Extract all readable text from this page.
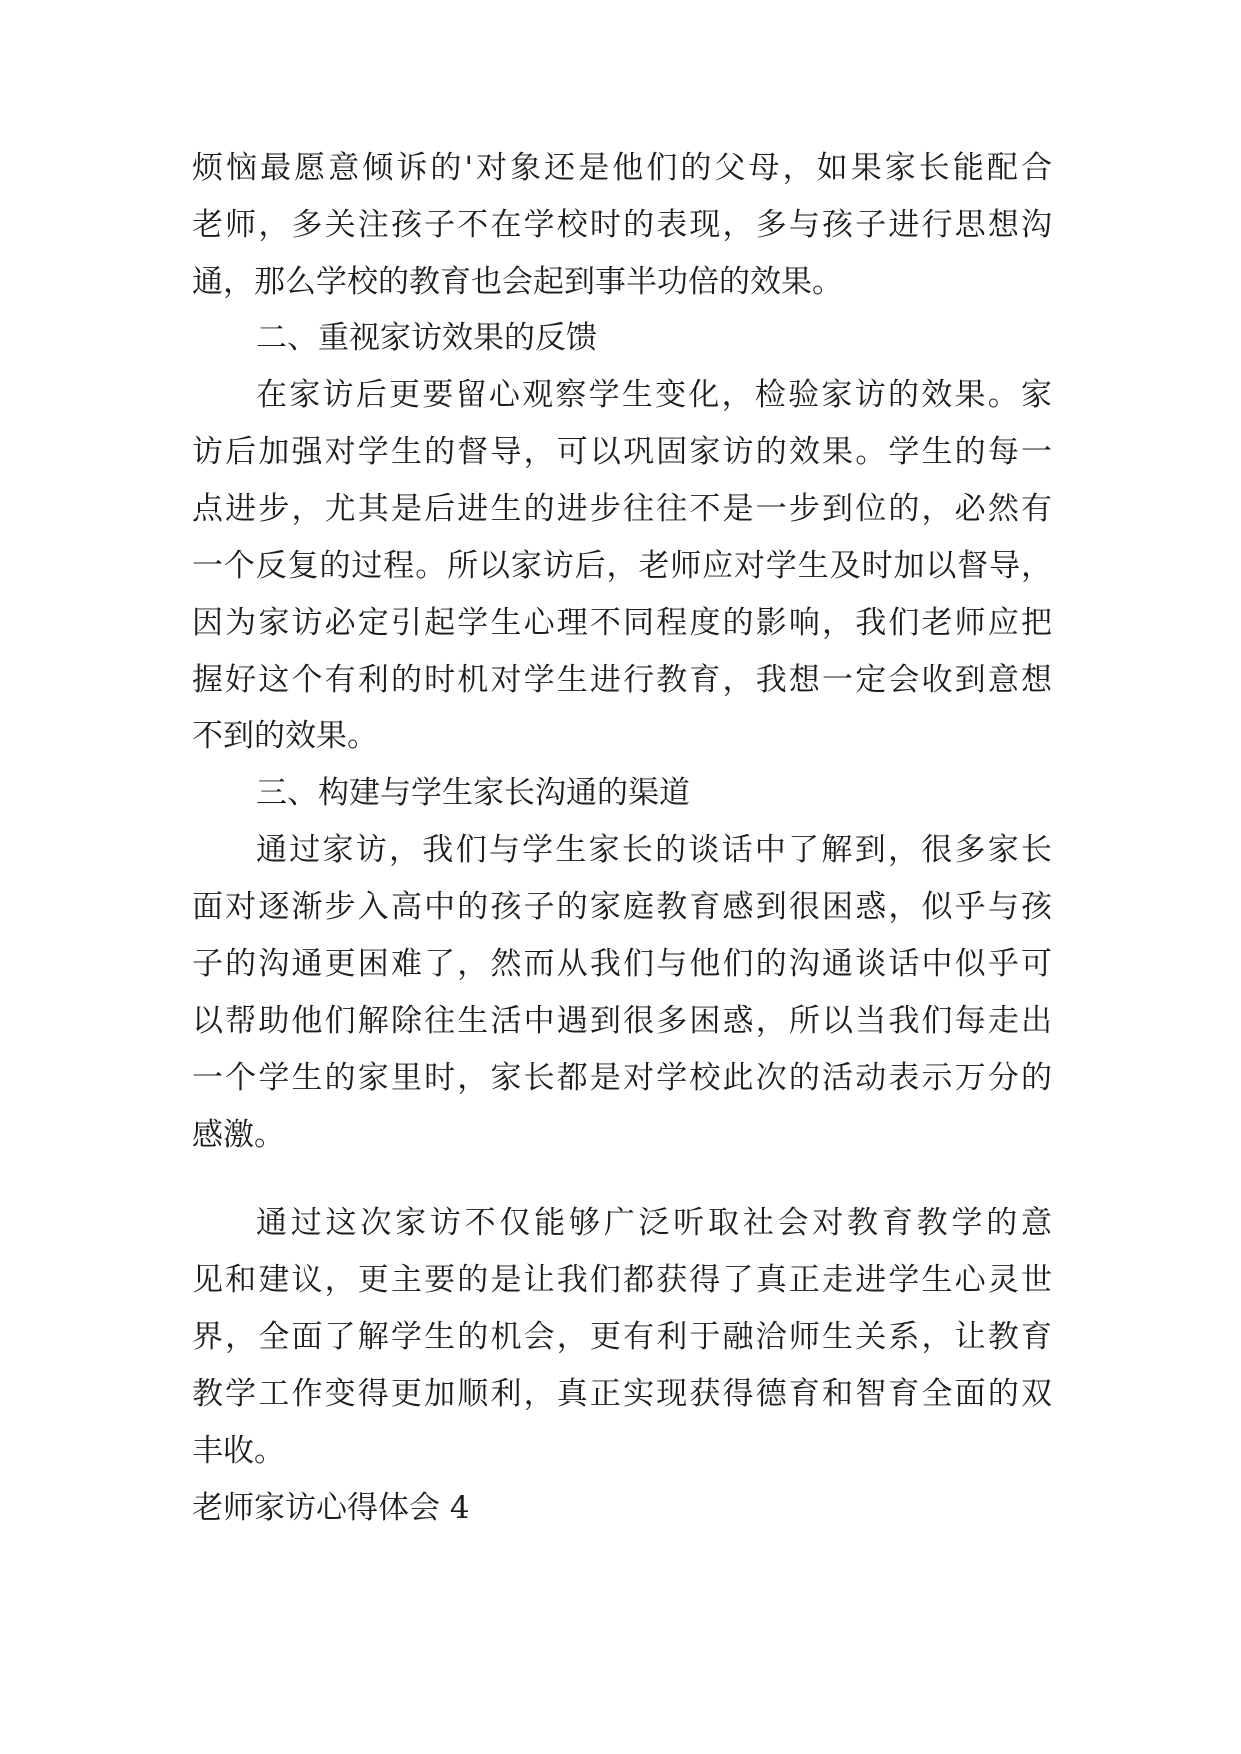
烦恼最愿意倾诉的'对象还是他们的父母，如果家长能配合
老师，多关注孩子不在学校时的表现，多与孩子进行思想沟
通，那么学校的教育也会起到事半功倍的效果。
二、重视家访效果的反馈
在家访后更要留心观察学生变化，检验家访的效果。家
访后加强对学生的督导，可以巩固家访的效果。学生的每一
点进步，尤其是后进生的进步往往不是一步到位的，必然有
一个反复的过程。所以家访后，老师应对学生及时加以督导，
因为家访必定引起学生心理不同程度的影响，我们老师应把
握好这个有利的时机对学生进行教育，我想一定会收到意想
不到的效果。
三、构建与学生家长沟通的渠道
通过家访，我们与学生家长的谈话中了解到，很多家长
面对逐渐步入高中的孩子的家庭教育感到很困惑，似乎与孩
子的沟通更困难了，然而从我们与他们的沟通谈话中似乎可
以帮助他们解除往生活中遇到很多困惑，所以当我们每走出
一个学生的家里时，家长都是对学校此次的活动表示万分的
感激。
通过这次家访不仅能够广泛听取社会对教育教学的意
见和建议，更主要的是让我们都获得了真正走进学生心灵世
界，全面了解学生的机会，更有利于融洽师生关系，让教育
教学工作变得更加顺利，真正实现获得德育和智育全面的双
丰收。
老师家访心得体会 4
